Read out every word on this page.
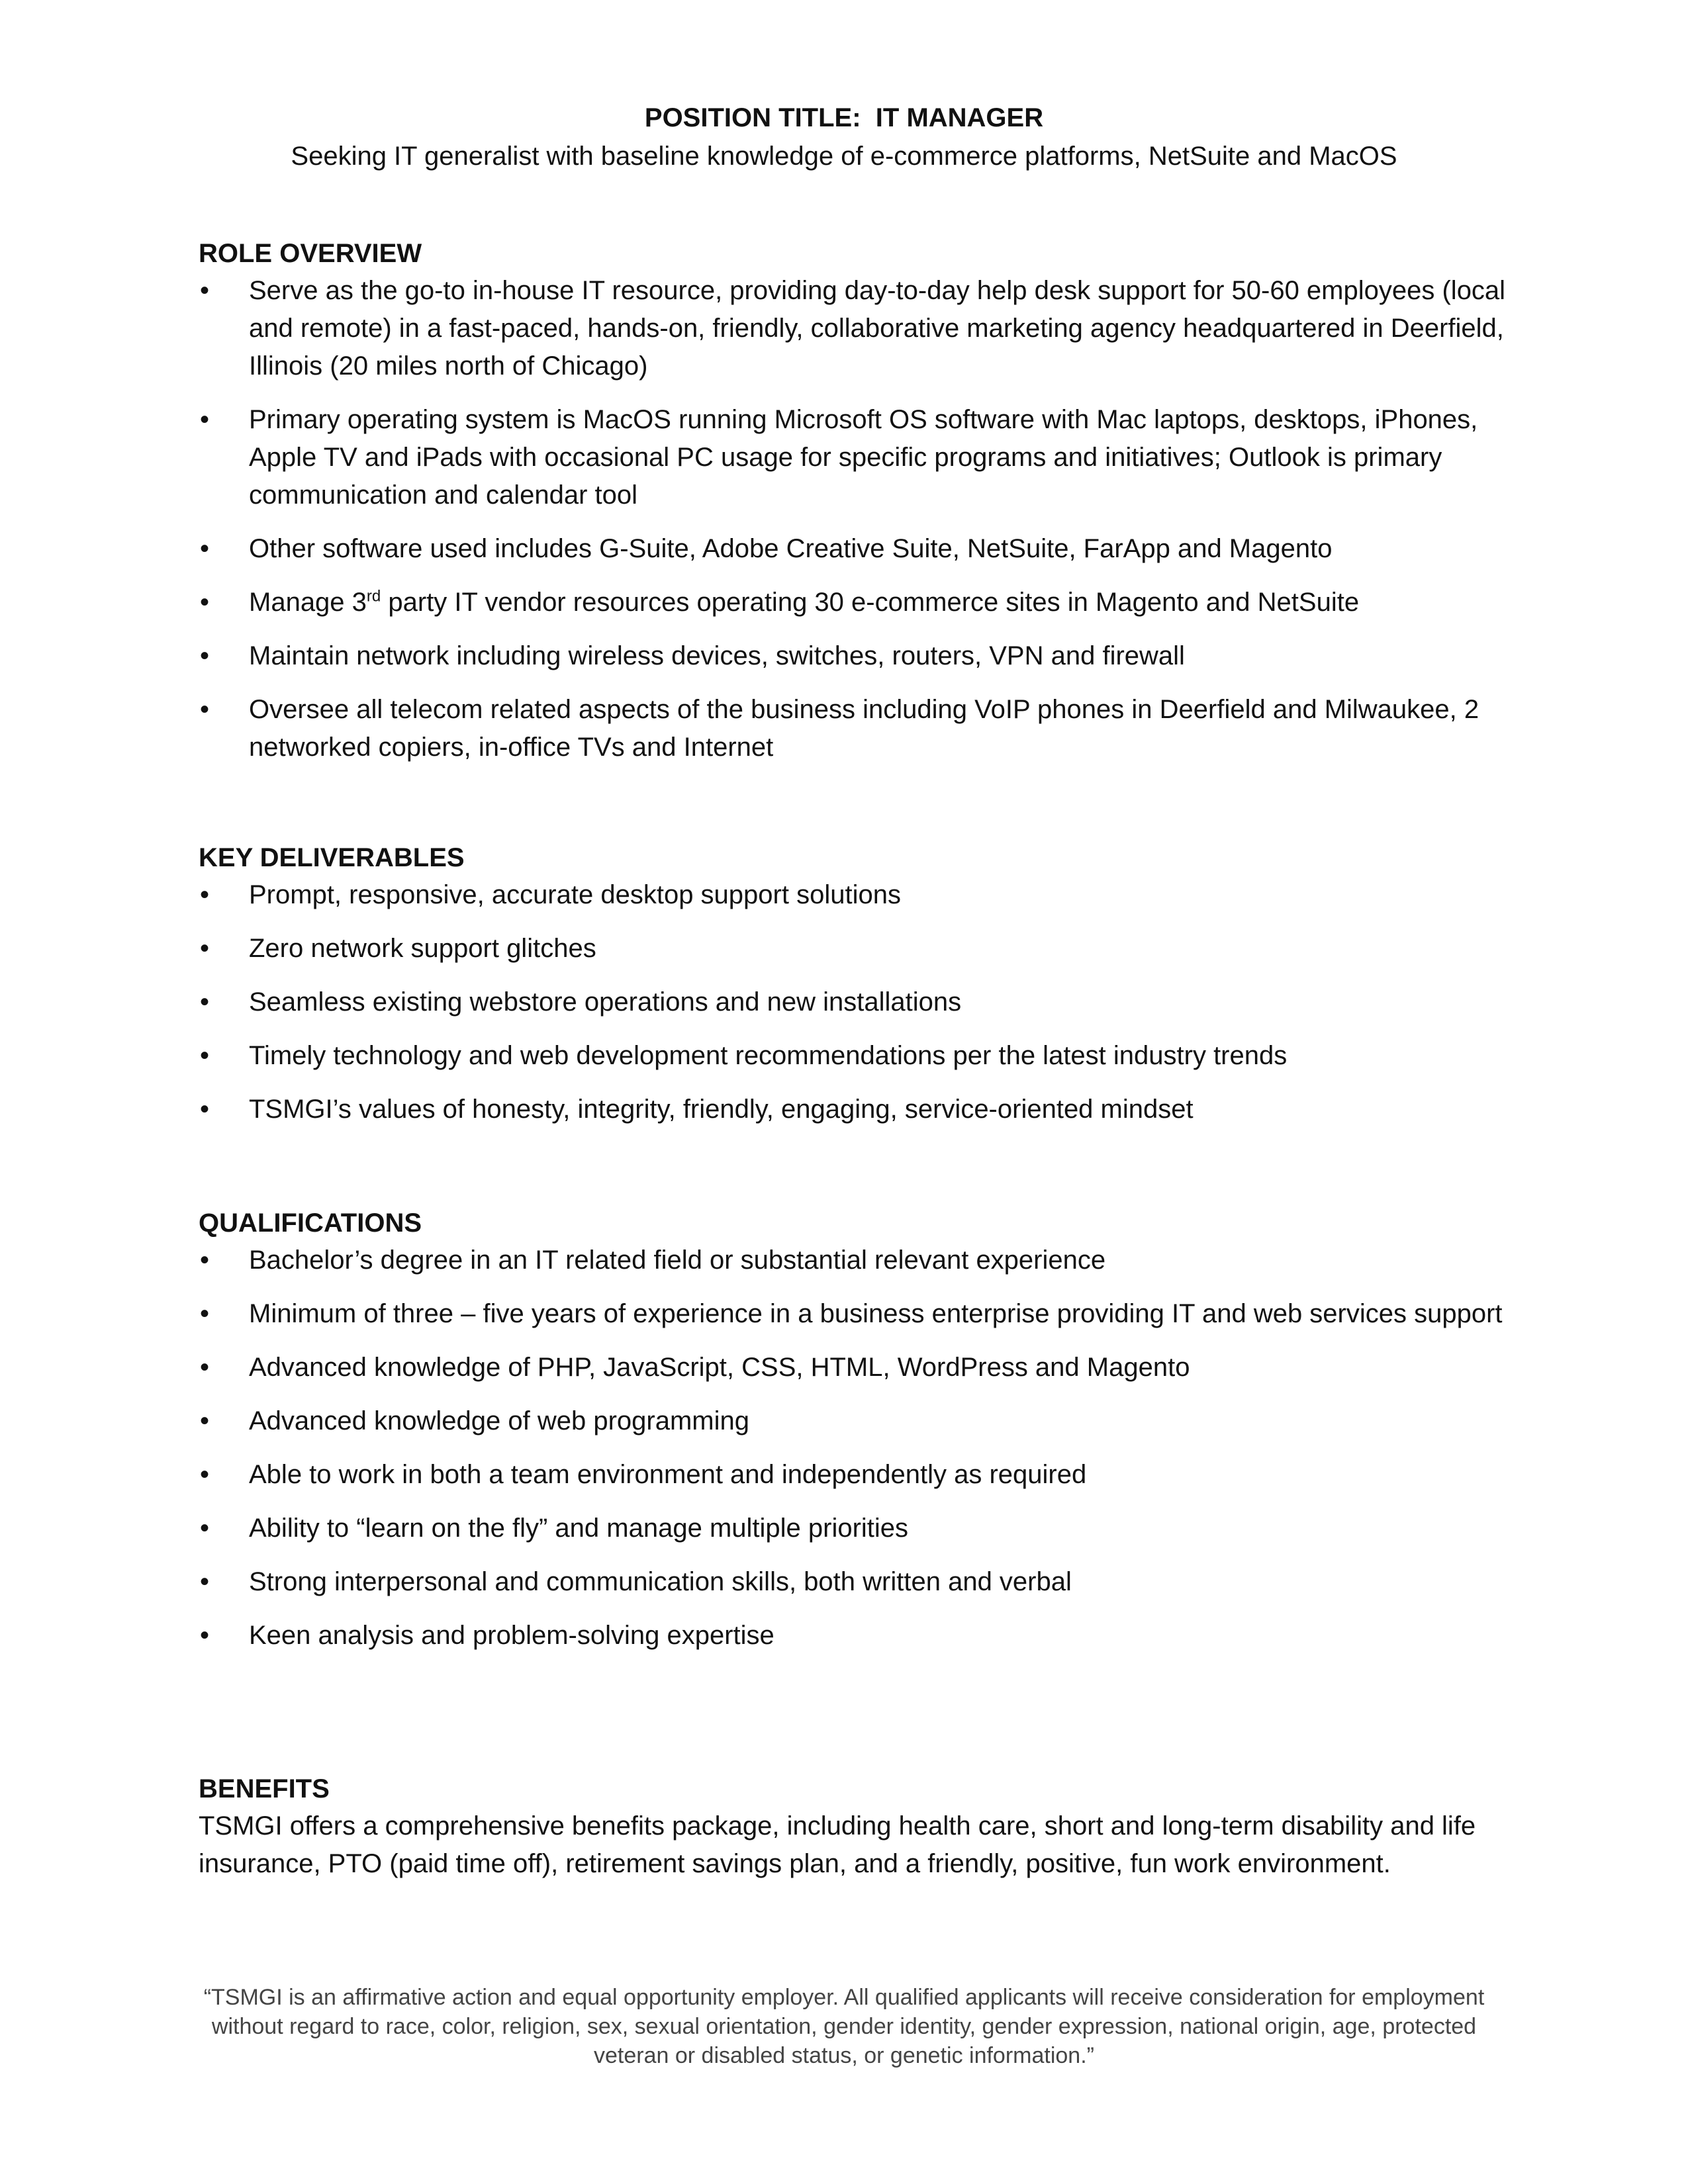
POSITION TITLE:  IT MANAGER
Seeking IT generalist with baseline knowledge of e-commerce platforms, NetSuite and MacOS
ROLE OVERVIEW
• Serve as the go-to in-house IT resource, providing day-to-day help desk support for 50-60 employees (local and remote) in a fast-paced, hands-on, friendly, collaborative marketing agency headquartered in Deerfield, Illinois (20 miles north of Chicago)
• Primary operating system is MacOS running Microsoft OS software with Mac laptops, desktops, iPhones, Apple TV and iPads with occasional PC usage for specific programs and initiatives; Outlook is primary communication and calendar tool
• Other software used includes G-Suite, Adobe Creative Suite, NetSuite, FarApp and Magento
• Manage 3rd party IT vendor resources operating 30 e-commerce sites in Magento and NetSuite
• Maintain network including wireless devices, switches, routers, VPN and firewall
• Oversee all telecom related aspects of the business including VoIP phones in Deerfield and Milwaukee, 2 networked copiers, in-office TVs and Internet
KEY DELIVERABLES
• Prompt, responsive, accurate desktop support solutions
• Zero network support glitches
• Seamless existing webstore operations and new installations
• Timely technology and web development recommendations per the latest industry trends
• TSMGI’s values of honesty, integrity, friendly, engaging, service-oriented mindset
QUALIFICATIONS
• Bachelor’s degree in an IT related field or substantial relevant experience
• Minimum of three – five years of experience in a business enterprise providing IT and web services support
• Advanced knowledge of PHP, JavaScript, CSS, HTML, WordPress and Magento
• Advanced knowledge of web programming
• Able to work in both a team environment and independently as required
• Ability to “learn on the fly” and manage multiple priorities
• Strong interpersonal and communication skills, both written and verbal
• Keen analysis and problem-solving expertise
BENEFITS

TSMGI offers a comprehensive benefits package, including health care, short and long-term disability and life insurance, PTO (paid time off), retirement savings plan, and a friendly, positive, fun work environment.

“TSMGI is an affirmative action and equal opportunity employer. All qualified applicants will receive consideration for employment without regard to race, color, religion, sex, sexual orientation, gender identity, gender expression, national origin, age, protected veteran or disabled status, or genetic information.”
